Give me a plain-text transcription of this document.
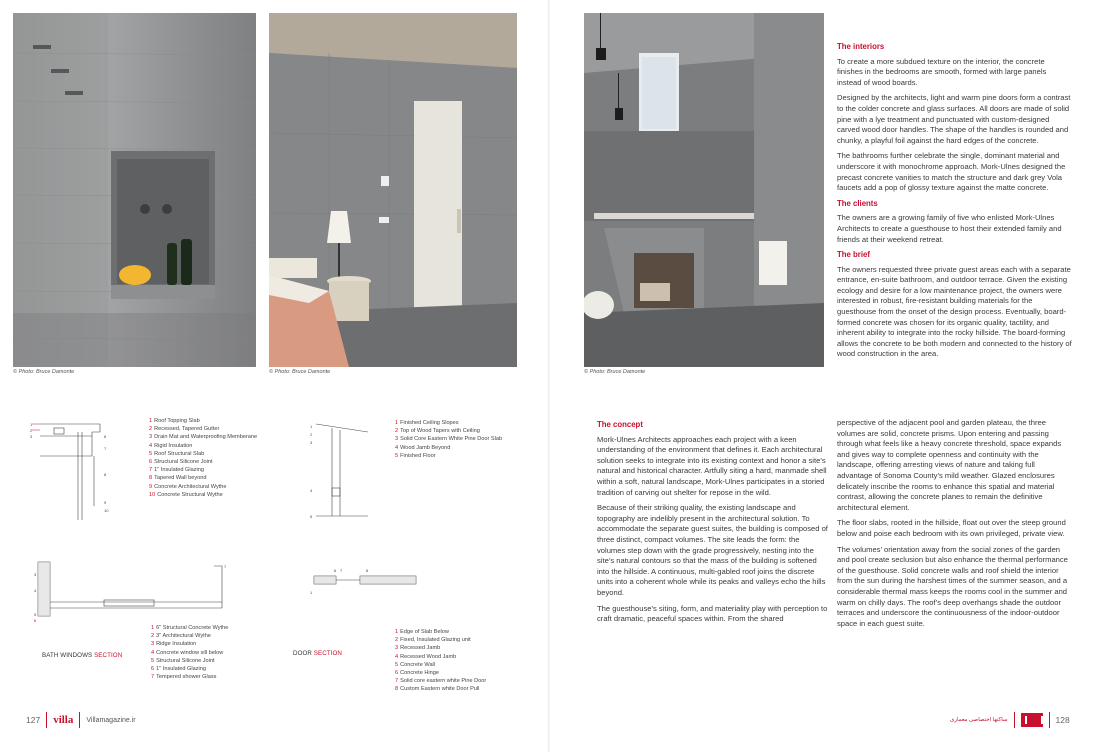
© Photo: Bruce Damonte	© Photo: Bruce Damonte
1
2
3	6
7
8
9
10
1 Roof Topping Slab
2 Recessed, Tapered Gutter
3 Drain Mat and Waterproofing Memberane
4 Rigid Insulation
5 Roof Structural Slab
6 Structural Silicone Joint
7 1" Insulated Glazing
8 Tapered Wall beyond
9 Concrete Architectural Wythe
10 Concrete Structural Wythe
1
2
3
4
5
1 Finished Ceiling Slopes
2 Top of Wood Tapers with Ceiling
3 Solid Core Eastern White Pine Door Slab
4 Wood Jamb Beyond
5 Finished Floor
5
6
7
3
4
BATH WINDOWS SECTION
1 6" Structural Concrete Wythe
2 3" Architectural Wythe
3 Ridge Insulation
4 Concrete window sill below
5 Structural Silicone Joint
6 1" Insulated Glazing
7 Tempered shower Glass
6 7	8
1
DOOR SECTION
1 Edge of Slab Below
2 Fixed, Insulated Glazing unit
3 Recessed Jamb
4 Recessed Wood Jamb
5 Concrete Wall
6 Concrete Hinge
7 Solid core eastern white Pine Door
8 Custom Eastern white Door Pull
127 villa Villamagazine.ir
© Photo: Bruce Damonte
The interiors

To create a more subdued texture on the interior, the concrete finishes in the bedrooms are smooth, formed with large panels instead of wood boards.

Designed by the architects, light and warm pine doors form a contrast to the colder concrete and glass surfaces. All doors are made of solid pine with a lye treatment and punctuated with custom-designed carved wood door handles. The shape of the handles is rounded and chunky, a playful foil against the hard edges of the concrete.

The bathrooms further celebrate the single, dominant material and underscore it with monochrome approach. Mork-Ulnes designed the precast concrete vanities to match the structure and dark grey Vola faucets add a pop of glossy texture against the matte concrete.

The clients

The owners are a growing family of five who enlisted Mork-Ulnes Architects to create a guesthouse to host their extended family and friends at their weekend retreat.

The brief

The owners requested three private guest areas each with a separate entrance, en-suite bathroom, and outdoor terrace. Given the existing ecology and desire for a low maintenance project, the owners were interested in robust, fire-resistant building materials for the guesthouse from the onset of the design process. Eventually, board-formed concrete was chosen for its organic quality, tactility, and inherent ability to integrate into the rocky hillside. The board-forming allows the concrete to be both modern and connected to the history of wood construction in the area.

The concept

Mork-Ulnes Architects approaches each project with a keen understanding of the environment that defines it. Each architectural solution seeks to integrate into its existing context and honor a site’s natural and historical character. Artfully siting a hard, manmade shell within a soft, natural landscape, Mork-Ulnes participates in a storied tradition of carving out shelter for repose in the wild.

Because of their striking quality, the existing landscape and topography are indelibly present in the architectural solution. To accommodate the separate guest suites, the building is composed of three distinct, compact volumes. The site leads the form: the volumes step down with the grade progressively, nesting into the site’s natural contours so that the mass of the building is softened into the hillside. A continuous, multi-gabled roof joins the discrete units into a coherent whole while its peaks and valleys echo the hills beyond.

The guesthouse’s siting, form, and materiality play with perception to craft dramatic, peaceful spaces within. From the shared

perspective of the adjacent pool and garden plateau, the three volumes are solid, concrete prisms. Upon entering and passing through what feels like a heavy concrete threshold, space expands and gives way to complete openness and continuity with the landscape, offering arresting views of nature and taking full advantage of Sonoma County’s mild weather. Glazed enclosures delicately inscribe the rooms to enhance this spatial and material contrast, allowing the concrete planes to remain the definitive architectural element.

The floor slabs, rooted in the hillside, float out over the steep ground below and poise each bedroom with its own privileged, private view.

The volumes’ orientation away from the social zones of the garden and pool create seclusion but also enhance the thermal performance of the guesthouse. Solid concrete walls and roof shield the interior from the sun during the harshest times of the summer season, and a considerable thermal mass keeps the rooms cool in the summer and warm on chilly days. The roof’s deep overhangs shade the outdoor terraces and underscore the continuousness of the indoor-outdoor space in each guest suite.

ساکتها اختصاصی معماری	128
